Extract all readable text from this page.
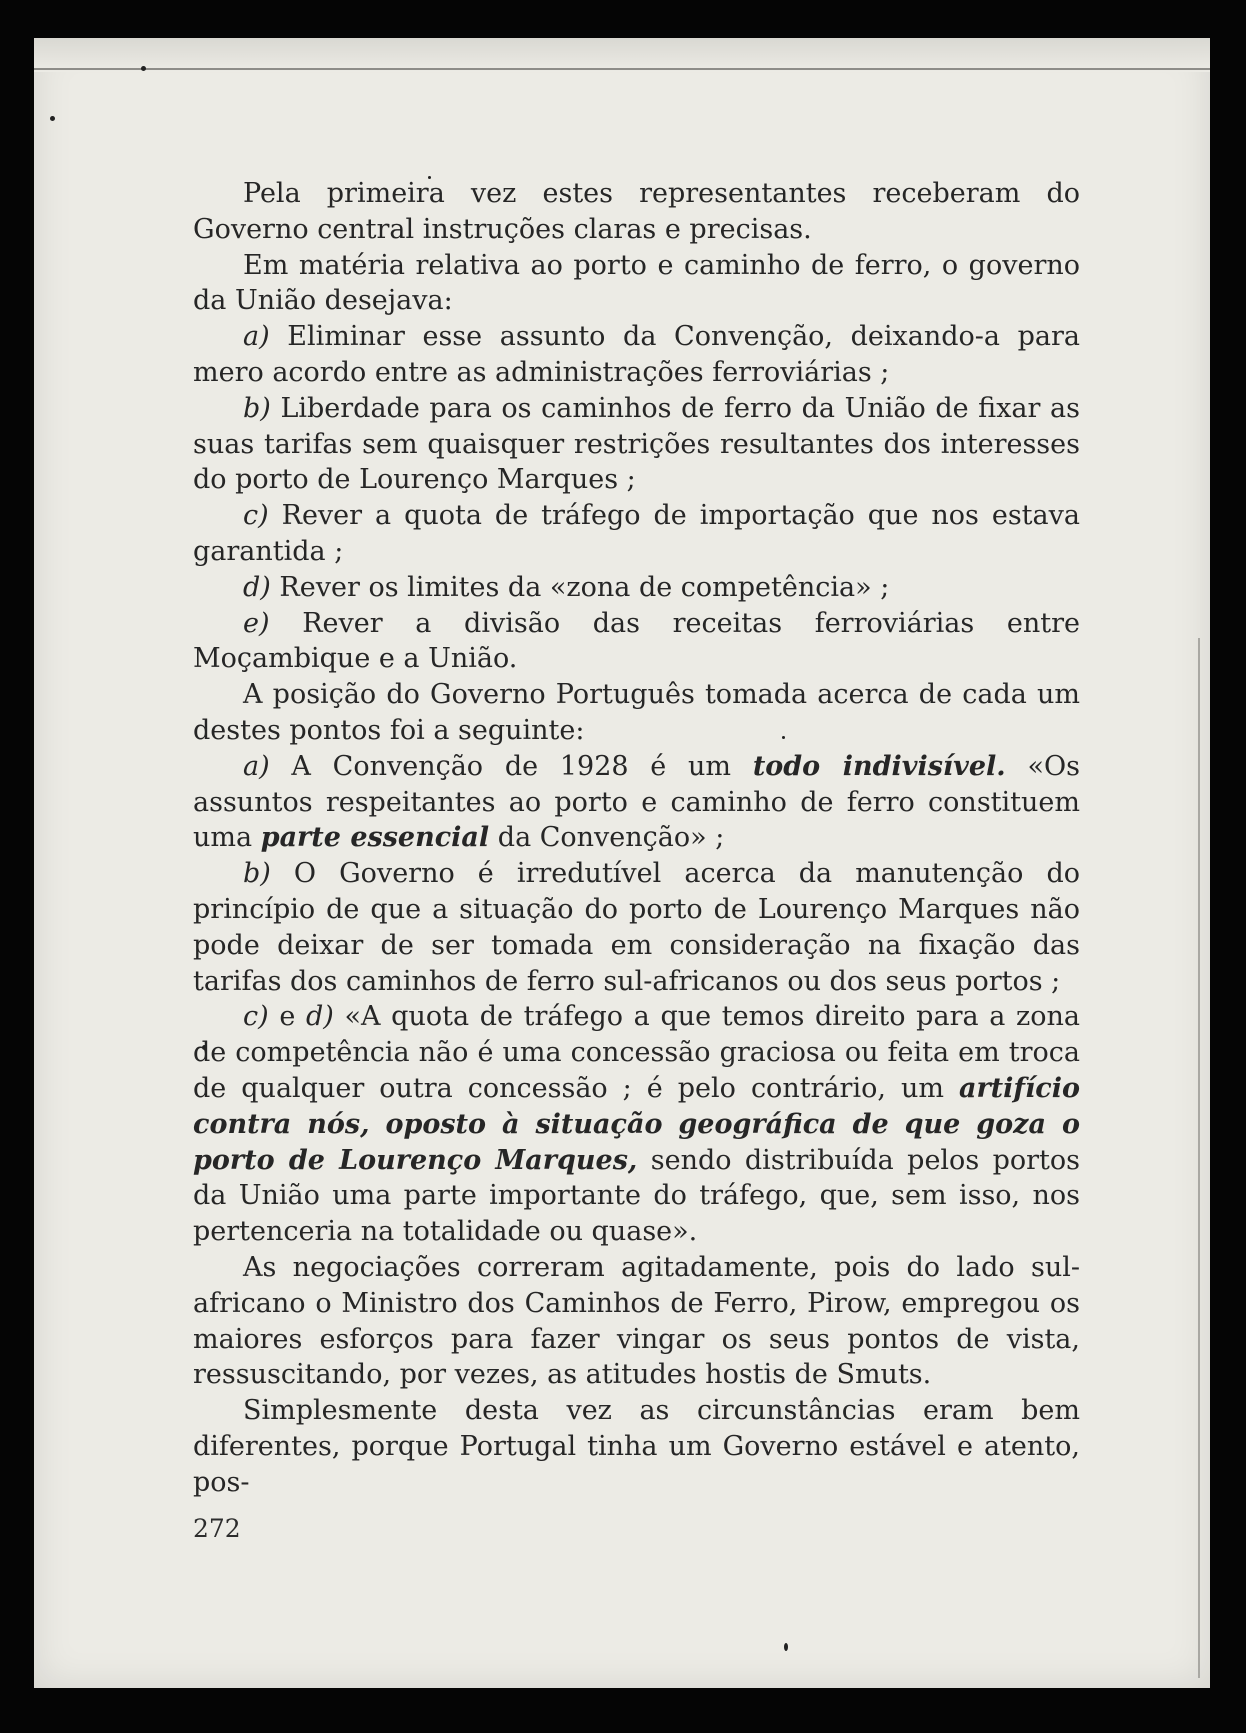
Pela primeira vez estes representantes receberam do Governo central instruções claras e precisas.

Em matéria relativa ao porto e caminho de ferro, o governo da União desejava:

a) Eliminar esse assunto da Convenção, deixando-a para mero acordo entre as administrações ferroviárias ;

b) Liberdade para os caminhos de ferro da União de fixar as suas tarifas sem quaisquer restrições resultantes dos interesses do porto de Lourenço Marques ;

c) Rever a quota de tráfego de importação que nos estava garantida ;

d) Rever os limites da «zona de competência» ;

e) Rever a divisão das receitas ferroviárias entre Moçambique e a União.

A posição do Governo Português tomada acerca de cada um destes pontos foi a seguinte:

a) A Convenção de 1928 é um todo indivisível. «Os assuntos respeitantes ao porto e caminho de ferro constituem uma parte essencial da Convenção» ;

b) O Governo é irredutível acerca da manutenção do princípio de que a situação do porto de Lourenço Marques não pode deixar de ser tomada em consideração na fixação das tarifas dos caminhos de ferro sul-africanos ou dos seus portos ;

c) e d) «A quota de tráfego a que temos direito para a zona de competência não é uma concessão graciosa ou feita em troca de qualquer outra concessão ; é pelo contrário, um artifício contra nós, oposto à situação geográfica de que goza o porto de Lourenço Marques, sendo distribuída pelos portos da União uma parte importante do tráfego, que, sem isso, nos pertenceria na totalidade ou quase».

As negociações correram agitadamente, pois do lado sul-africano o Ministro dos Caminhos de Ferro, Pirow, empregou os maiores esforços para fazer vingar os seus pontos de vista, ressuscitando, por vezes, as atitudes hostis de Smuts.

Simplesmente desta vez as circunstâncias eram bem diferentes, porque Portugal tinha um Governo estável e atento, pos-

272
